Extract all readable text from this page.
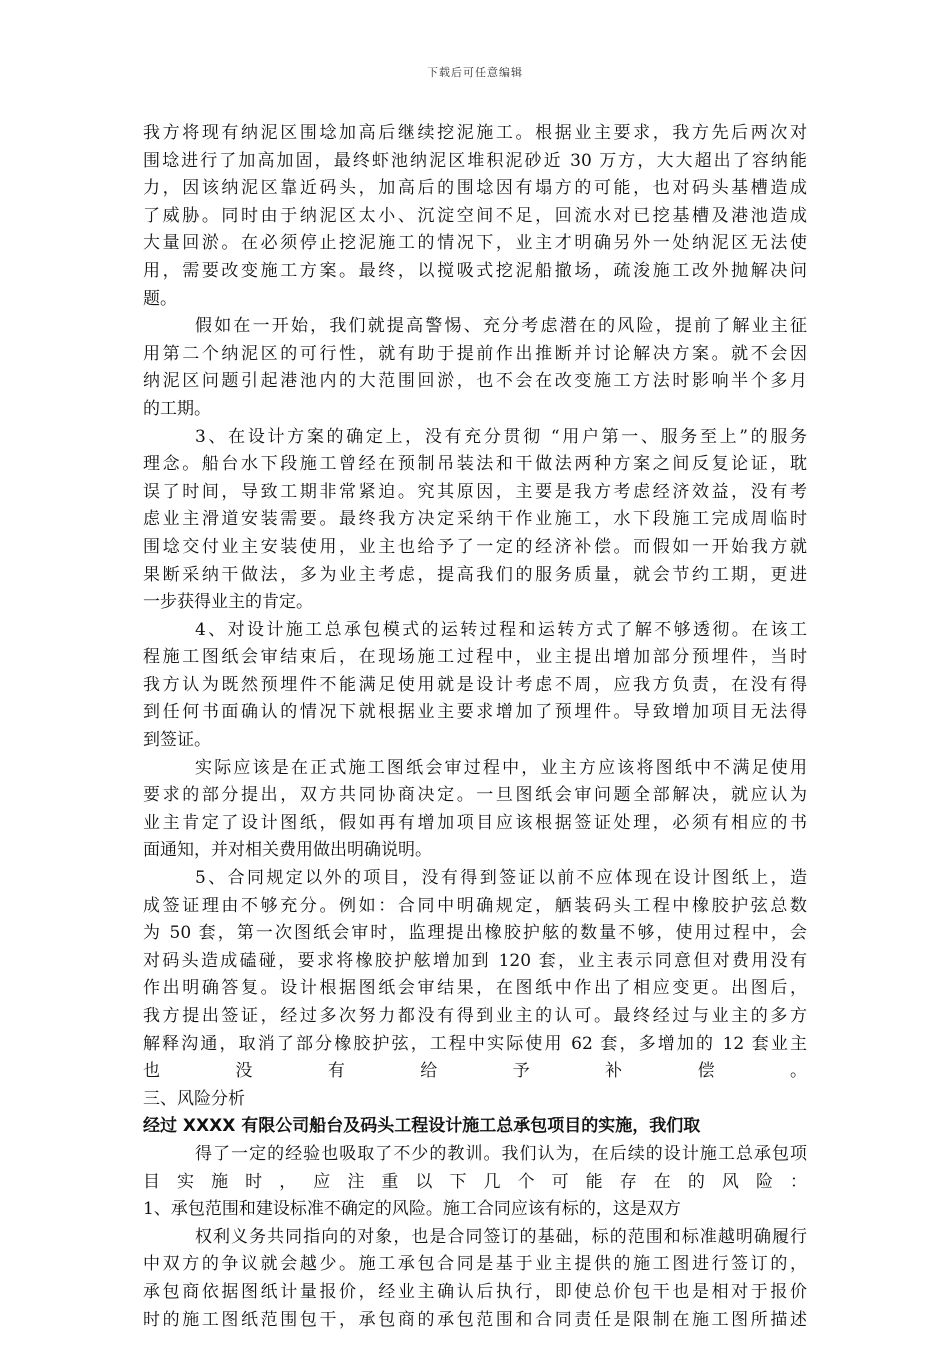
下载后可任意编辑
我方将现有纳泥区围埝加高后继续挖泥施工。根据业主要求，我方先后两次对
围埝进行了加高加固，最终虾池纳泥区堆积泥砂近 30 万方，大大超出了容纳能
力，因该纳泥区靠近码头，加高后的围埝因有塌方的可能，也对码头基槽造成
了威胁。同时由于纳泥区太小、沉淀空间不足，回流水对已挖基槽及港池造成
大量回淤。在必须停止挖泥施工的情况下，业主才明确另外一处纳泥区无法使
用，需要改变施工方案。最终，以搅吸式挖泥船撤场，疏浚施工改外抛解决问
题。
假如在一开始，我们就提高警惕、充分考虑潜在的风险，提前了解业主征
用第二个纳泥区的可行性，就有助于提前作出推断并讨论解决方案。就不会因
纳泥区问题引起港池内的大范围回淤，也不会在改变施工方法时影响半个多月
的工期。
3、在设计方案的确定上，没有充分贯彻 “用户第一、服务至上”的服务
理念。船台水下段施工曾经在预制吊装法和干做法两种方案之间反复论证，耽
误了时间，导致工期非常紧迫。究其原因，主要是我方考虑经济效益，没有考
虑业主滑道安装需要。最终我方决定采纳干作业施工，水下段施工完成周临时
围埝交付业主安装使用，业主也给予了一定的经济补偿。而假如一开始我方就
果断采纳干做法，多为业主考虑，提高我们的服务质量，就会节约工期，更进
一步获得业主的肯定。
4、对设计施工总承包模式的运转过程和运转方式了解不够透彻。在该工
程施工图纸会审结束后，在现场施工过程中，业主提出增加部分预埋件，当时
我方认为既然预埋件不能满足使用就是设计考虑不周，应我方负责，在没有得
到任何书面确认的情况下就根据业主要求增加了预埋件。导致增加项目无法得
到签证。
实际应该是在正式施工图纸会审过程中，业主方应该将图纸中不满足使用
要求的部分提出，双方共同协商决定。一旦图纸会审问题全部解决，就应认为
业主肯定了设计图纸，假如再有增加项目应该根据签证处理，必须有相应的书
面通知，并对相关费用做出明确说明。
5、合同规定以外的项目，没有得到签证以前不应体现在设计图纸上，造
成签证理由不够充分。例如：合同中明确规定，舾装码头工程中橡胶护弦总数
为 50 套，第一次图纸会审时，监理提出橡胶护舷的数量不够，使用过程中，会
对码头造成磕碰，要求将橡胶护舷增加到 120 套，业主表示同意但对费用没有
作出明确答复。设计根据图纸会审结果，在图纸中作出了相应变更。出图后，
我方提出签证，经过多次努力都没有得到业主的认可。最终经过与业主的多方
解释沟通，取消了部分橡胶护弦，工程中实际使用 62 套，多增加的 12 套业主
也没有给予补偿。
三、风险分析
经过 XXXX 有限公司船台及码头工程设计施工总承包项目的实施，我们取
得了一定的经验也吸取了不少的教训。我们认为，在后续的设计施工总承包项
目实施时，应注重以下几个可能存在的风险：
1、承包范围和建设标准不确定的风险。施工合同应该有标的，这是双方
权利义务共同指向的对象，也是合同签订的基础，标的范围和标准越明确履行
中双方的争议就会越少。施工承包合同是基于业主提供的施工图进行签订的，
承包商依据图纸计量报价，经业主确认后执行，即使总价包干也是相对于报价
时的施工图纸范围包干，承包商的承包范围和合同责任是限制在施工图所描述
